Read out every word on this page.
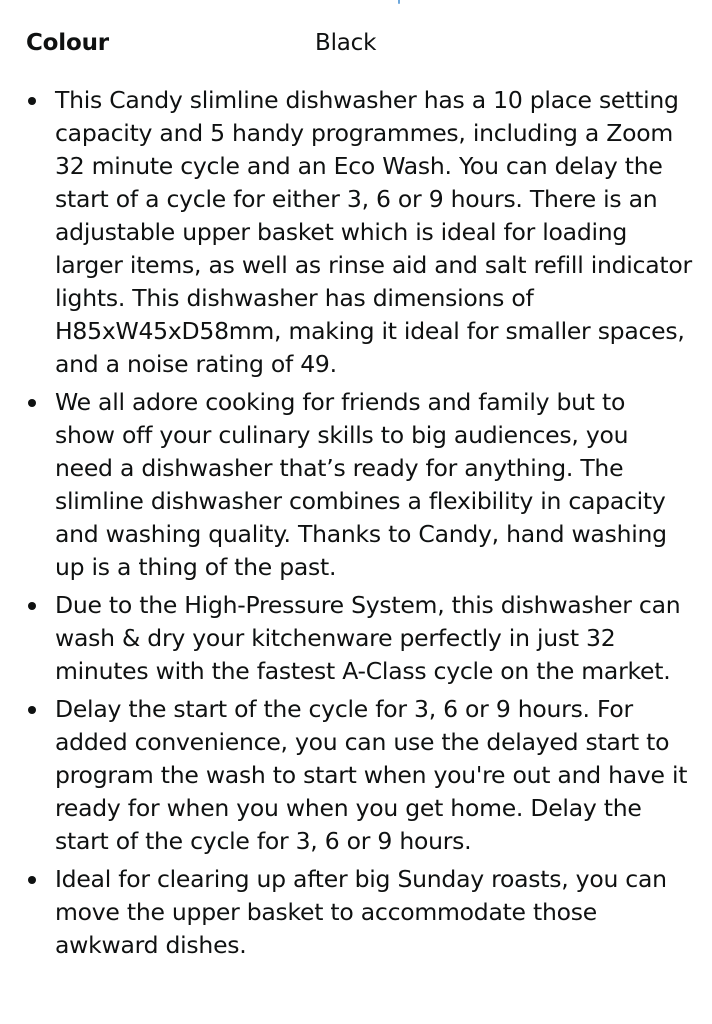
Colour	Black
This Candy slimline dishwasher has a 10 place setting capacity and 5 handy programmes, including a Zoom 32 minute cycle and an Eco Wash. You can delay the start of a cycle for either 3, 6 or 9 hours. There is an adjustable upper basket which is ideal for loading larger items, as well as rinse aid and salt refill indicator lights. This dishwasher has dimensions of H85xW45xD58mm, making it ideal for smaller spaces, and a noise rating of 49.
We all adore cooking for friends and family but to show off your culinary skills to big audiences, you need a dishwasher that’s ready for anything. The slimline dishwasher combines a flexibility in capacity and washing quality. Thanks to Candy, hand washing up is a thing of the past.
Due to the High-Pressure System, this dishwasher can wash & dry your kitchenware perfectly in just 32 minutes with the fastest A-Class cycle on the market.
Delay the start of the cycle for 3, 6 or 9 hours. For added convenience, you can use the delayed start to program the wash to start when you're out and have it ready for when you when you get home. Delay the start of the cycle for 3, 6 or 9 hours.
Ideal for clearing up after big Sunday roasts, you can move the upper basket to accommodate those awkward dishes.
